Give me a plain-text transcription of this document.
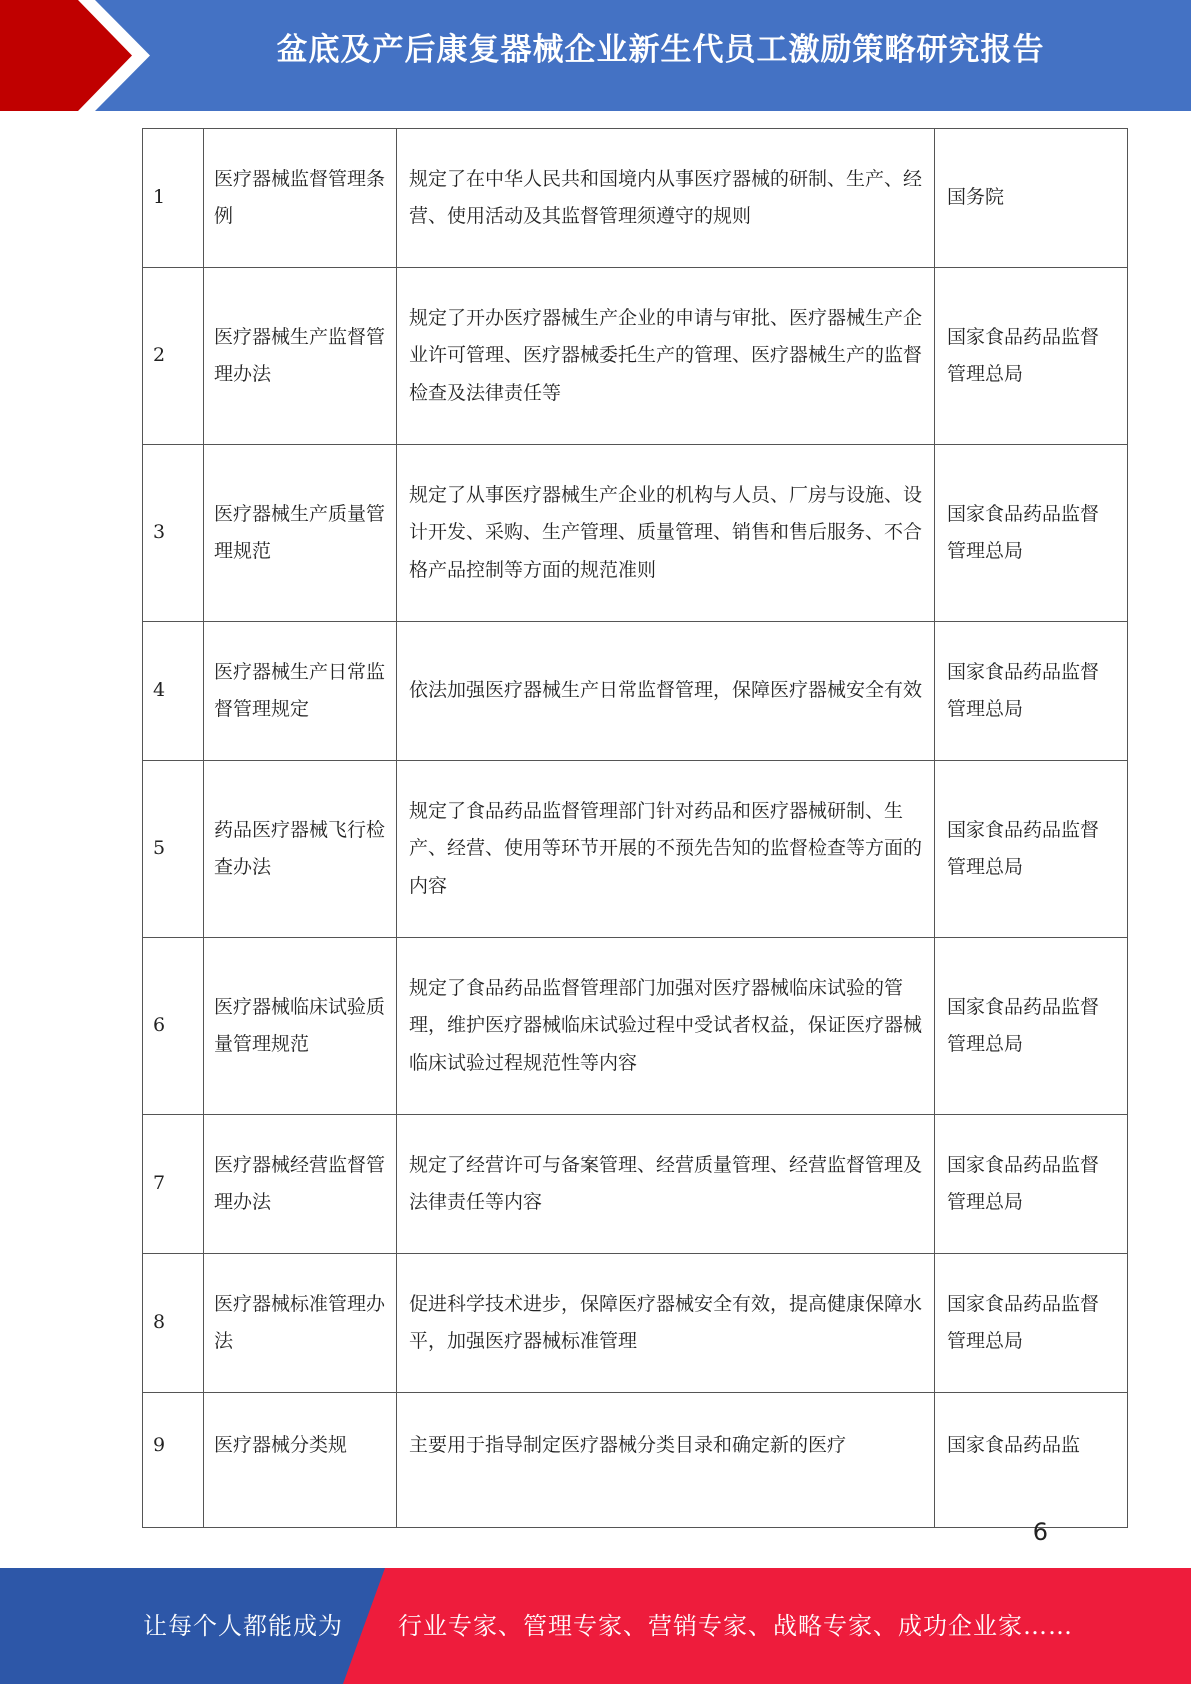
盆底及产后康复器械企业新生代员工激励策略研究报告
1	医疗器械监督管理条例	规定了在中华人民共和国境内从事医疗器械的研制、生产、经营、使用活动及其监督管理须遵守的规则	国务院
2	医疗器械生产监督管理办法	规定了开办医疗器械生产企业的申请与审批、医疗器械生产企业许可管理、医疗器械委托生产的管理、医疗器械生产的监督检查及法律责任等	国家食品药品监督管理总局
3	医疗器械生产质量管理规范	规定了从事医疗器械生产企业的机构与人员、厂房与设施、设计开发、采购、生产管理、质量管理、销售和售后服务、不合格产品控制等方面的规范准则	国家食品药品监督管理总局
4	医疗器械生产日常监督管理规定	依法加强医疗器械生产日常监督管理，保障医疗器械安全有效	国家食品药品监督管理总局
5	药品医疗器械飞行检查办法	规定了食品药品监督管理部门针对药品和医疗器械研制、生产、经营、使用等环节开展的不预先告知的监督检查等方面的内容	国家食品药品监督管理总局
6	医疗器械临床试验质量管理规范	规定了食品药品监督管理部门加强对医疗器械临床试验的管理，维护医疗器械临床试验过程中受试者权益，保证医疗器械临床试验过程规范性等内容	国家食品药品监督管理总局
7	医疗器械经营监督管理办法	规定了经营许可与备案管理、经营质量管理、经营监督管理及法律责任等内容	国家食品药品监督管理总局
8	医疗器械标准管理办法	促进科学技术进步，保障医疗器械安全有效，提高健康保障水平，加强医疗器械标准管理	国家食品药品监督管理总局
9	医疗器械分类规	主要用于指导制定医疗器械分类目录和确定新的医疗	国家食品药品监
6
让每个人都能成为 行业专家、管理专家、营销专家、战略专家、成功企业家……
